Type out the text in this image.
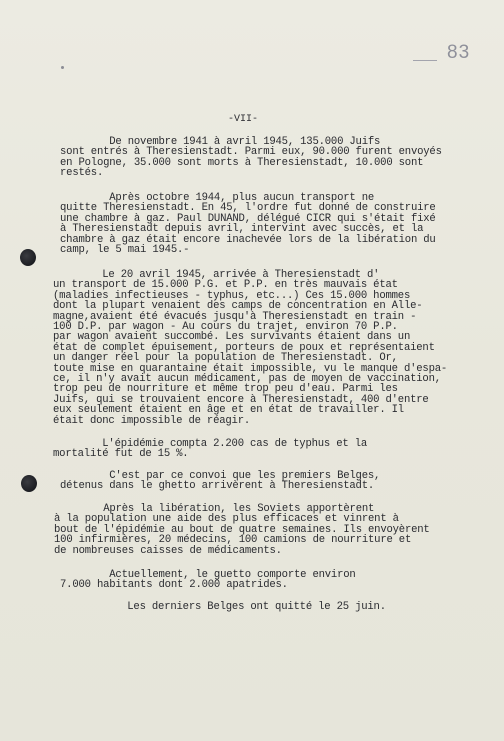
83

-VII-

De novembre 1941 à avril 1945, 135.000 Juifs
sont entrés à Theresienstadt. Parmi eux, 90.000 furent envoyés
en Pologne, 35.000 sont morts à Theresienstadt, 10.000 sont
restés.

Après octobre 1944, plus aucun transport ne
quitte Theresienstadt. En 45, l'ordre fut donné de construire
une chambre à gaz. Paul DUNAND, délégué CICR qui s'était fixé
à Theresienstadt depuis avril, intervint avec succès, et la
chambre à gaz était encore inachevée lors de la libération du
camp, le 5 mai 1945.-

Le 20 avril 1945, arrivée à Theresienstadt d'
un transport de 15.000 P.G. et P.P. en très mauvais état
(maladies infectieuses - typhus, etc...) Ces 15.000 hommes
dont la plupart venaient des camps de concentration en Alle-
magne,avaient été évacués jusqu'à Theresienstadt en train -
100 D.P. par wagon - Au cours du trajet, environ 70 P.P.
par wagon avaient succombé. Les survivants étaient dans un
état de complet épuisement, porteurs de poux et représentaient
un danger réel pour la population de Theresienstadt. Or,
toute mise en quarantaine était impossible, vu le manque d'espa-
ce, il n'y avait aucun médicament, pas de moyen de vaccination,
trop peu de nourriture et même trop peu d'eau. Parmi les
Juifs, qui se trouvaient encore à Theresienstadt, 400 d'entre
eux seulement étaient en âge et en état de travailler. Il
était donc impossible de réagir.

L'épidémie compta 2.200 cas de typhus et la
mortalité fut de 15 %.

C'est par ce convoi que les premiers Belges,
détenus dans le ghetto arrivèrent à Theresienstadt.

Après la libération, les Soviets apportèrent
à la population une aide des plus efficaces et vinrent à
bout de l'épidémie au bout de quatre semaines. Ils envoyèrent
100 infirmières, 20 médecins, 100 camions de nourriture et
de nombreuses caisses de médicaments.

Actuellement, le guetto comporte environ
7.000 habitants dont 2.000 apatrides.

Les derniers Belges ont quitté le 25 juin.
